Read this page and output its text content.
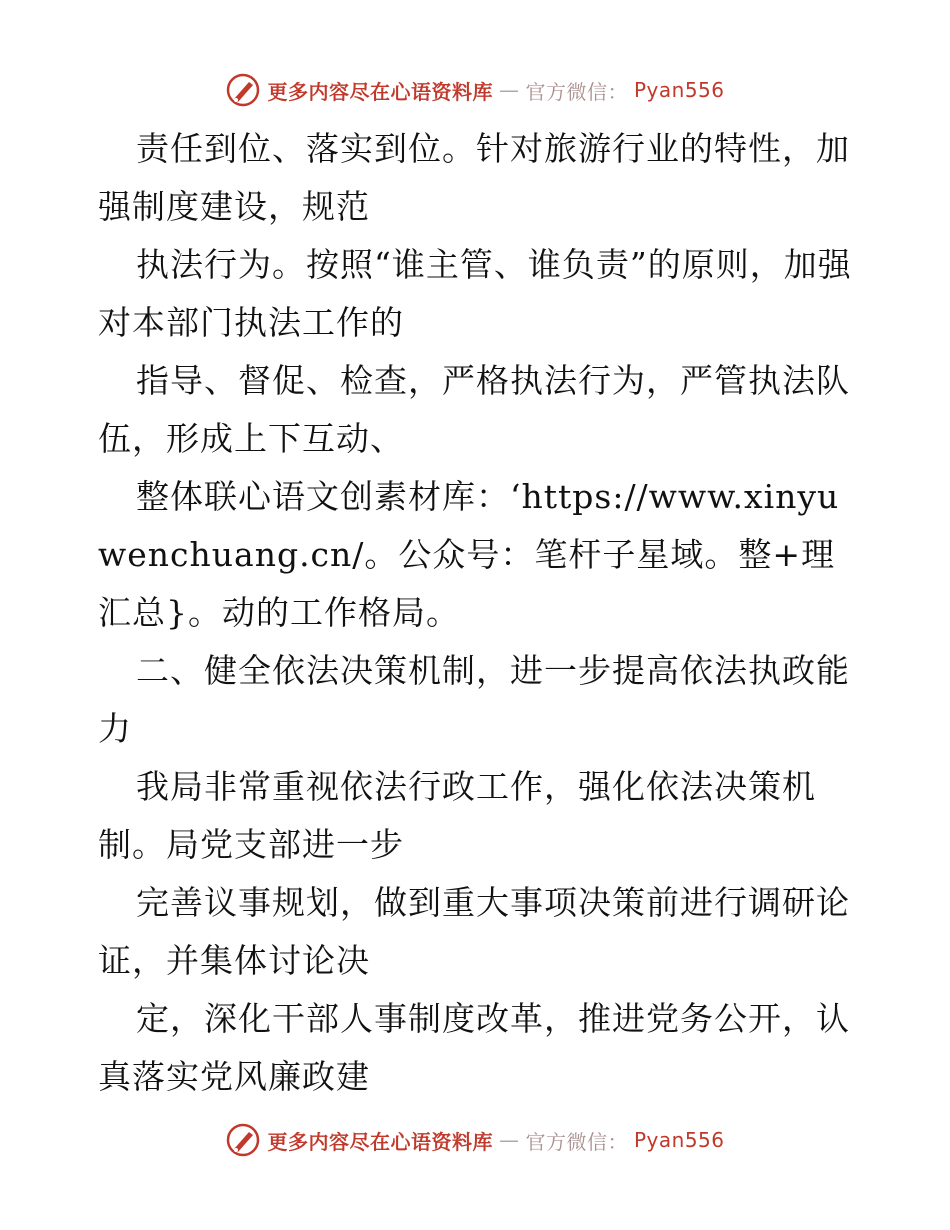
更多内容尽在心语资料库 — 官方微信： Pyan556

责任到位、落实到位。针对旅游行业的特性，加强制度建设，规范

执法行为。按照“谁主管、谁负责”的原则，加强对本部门执法工作的

指导、督促、检查，严格执法行为，严管执法队伍，形成上下互动、

整体联心语文创素材库：‘https://www.xinyuwenchuang.cn/。公众号：笔杆子星域。整+理汇总}。动的工作格局。

二、健全依法决策机制，进一步提高依法执政能力

我局非常重视依法行政工作，强化依法决策机制。局党支部进一步

完善议事规划，做到重大事项决策前进行调研论证，并集体讨论决

定，深化干部人事制度改革，推进党务公开，认真落实党风廉政建

更多内容尽在心语资料库 — 官方微信： Pyan556
